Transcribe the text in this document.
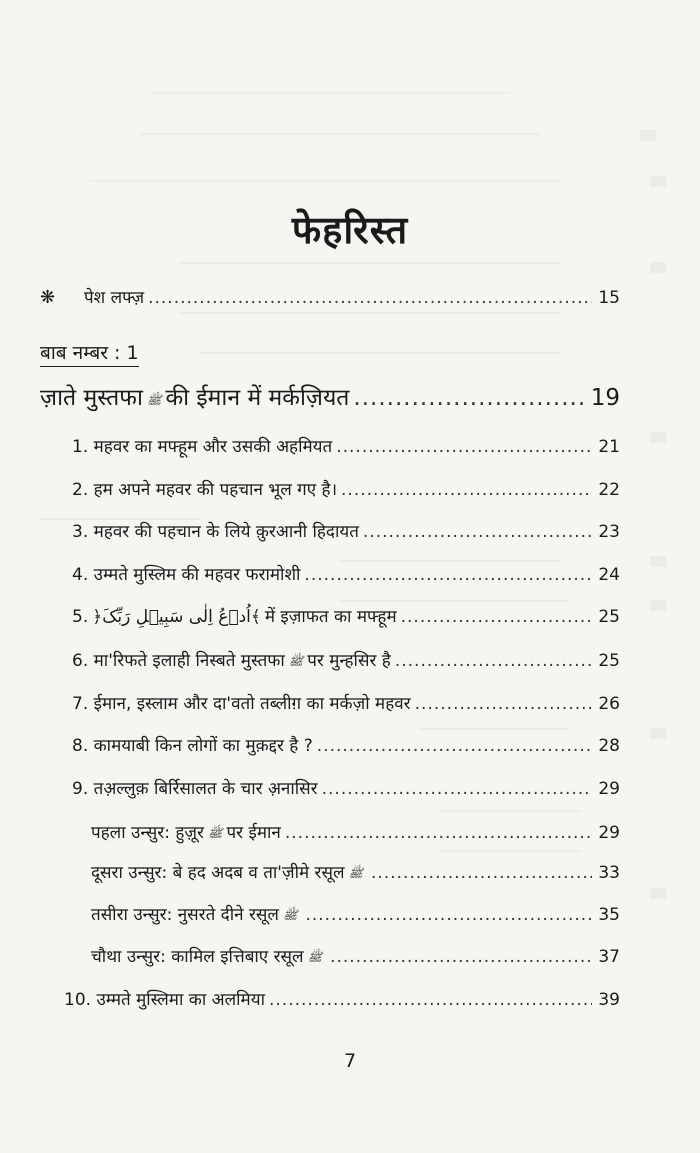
फेहरिस्त
❋ पेश लफ्ज़ .....	15
बाब नम्बर : 1
ज़ाते मुस्तफा ﷺ की ईमान में मर्कज़ियत .....	19
1. महवर का मफ्हूम और उसकी अहमियत .....	21
2. हम अपने महवर की पहचान भूल गए है। .....	22
3. महवर की पहचान के लिये क़ुरआनी हिदायत .....	23
4. उम्मते मुस्लिम की महवर फरामोशी .....	24
5. ﴿اُدۡعُ اِلٰی سَبِیۡلِ رَبِّکَ﴾ में इज़ाफत का मफ्हूम .....	25
6. मा'रिफते इलाही निस्बते मुस्तफा ﷺ पर मुन्हसिर है .....	25
7. ईमान, इस्लाम और दा'वतो तब्लीग़ का मर्कज़ो महवर .....	26
8. कामयाबी किन लोगों का मुक़द्दर है ? .....	28
9. तअ़ल्लुक़ बिर्रिसालत के चार अ़नासिर .....	29
पहला उन्सुर: हुज़ूर ﷺ पर ईमान .....	29
दूसरा उन्सुर: बे हद अदब व ता'ज़ीमे रसूल ﷺ .....	33
तसीरा उन्सुर: नुसरते दीने रसूल ﷺ .....	35
चौथा उन्सुर: कामिल इत्तिबाए रसूल ﷺ .....	37
10. उम्मते मुस्लिमा का अलमिया .....	39
7
